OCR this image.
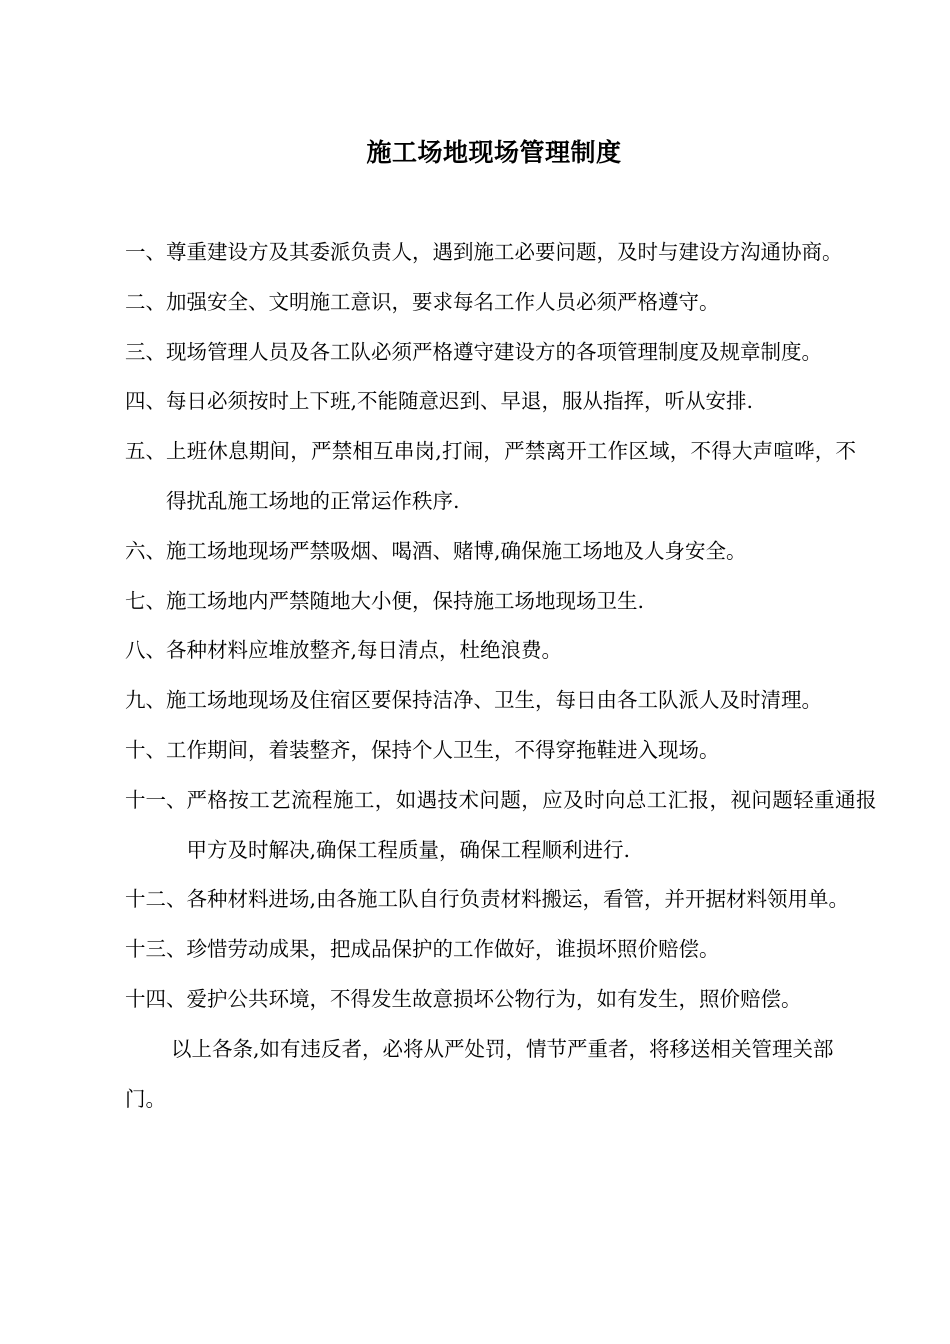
施工场地现场管理制度
一、 尊重建设方及其委派负责人，遇到施工必要问题，及时与建设方沟通协商。
二、 加强安全、文明施工意识，要求每名工作人员必须严格遵守。
三、 现场管理人员及各工队必须严格遵守建设方的各项管理制度及规章制度。
四、 每日必须按时上下班,不能随意迟到、早退，服从指挥，听从安排.
五、 上班休息期间，严禁相互串岗,打闹，严禁离开工作区域，不得大声喧哗，不得扰乱施工场地的正常运作秩序.
六、 施工场地现场严禁吸烟、喝酒、赌博,确保施工场地及人身安全。
七、 施工场地内严禁随地大小便，保持施工场地现场卫生.
八、 各种材料应堆放整齐,每日清点，杜绝浪费。
九、 施工场地现场及住宿区要保持洁净、卫生，每日由各工队派人及时清理。
十、 工作期间，着装整齐，保持个人卫生，不得穿拖鞋进入现场。
十一、 严格按工艺流程施工，如遇技术问题，应及时向总工汇报，视问题轻重通报甲方及时解决,确保工程质量，确保工程顺利进行.
十二、 各种材料进场,由各施工队自行负责材料搬运，看管，并开据材料领用单。
十三、 珍惜劳动成果，把成品保护的工作做好，谁损坏照价赔偿。
十四、 爱护公共环境，不得发生故意损坏公物行为，如有发生，照价赔偿。

以上各条,如有违反者，必将从严处罚，情节严重者，将移送相关管理关部门。
